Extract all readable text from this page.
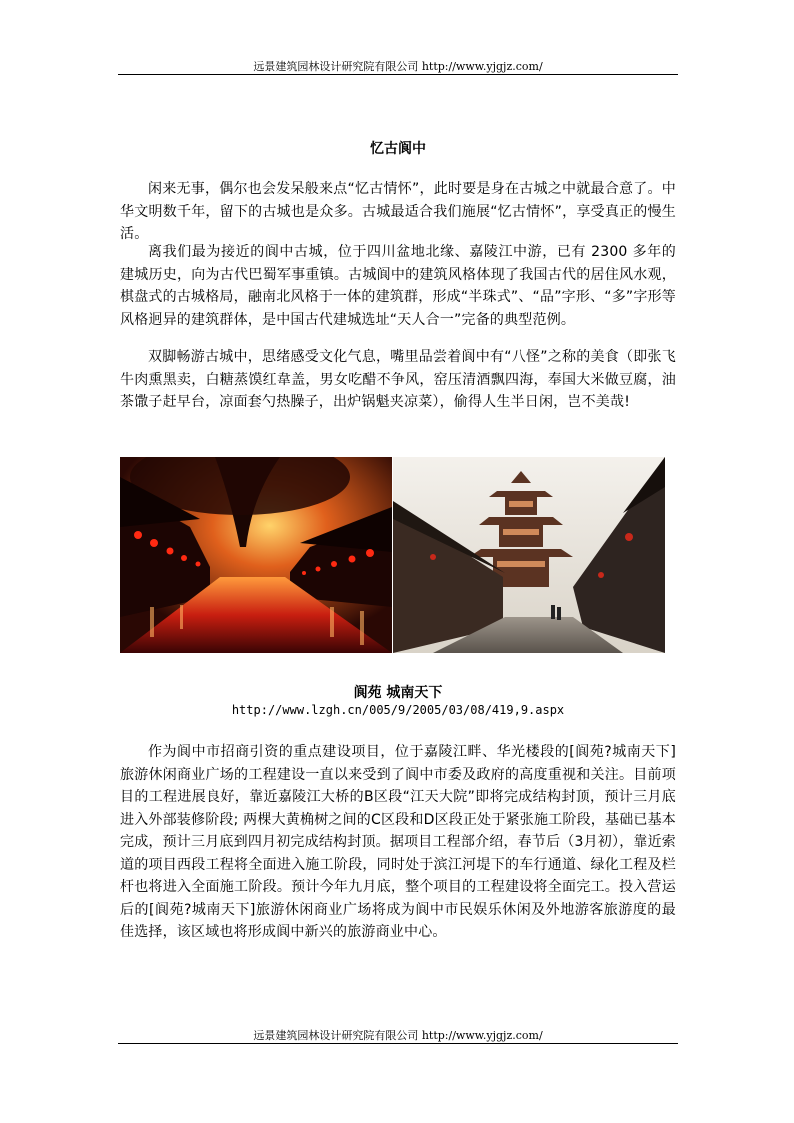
远景建筑园林设计研究院有限公司 http://www.yjgjz.com/
忆古阆中

闲来无事，偶尔也会发呆般来点“忆古情怀”，此时要是身在古城之中就最合意了。中华文明数千年，留下的古城也是众多。古城最适合我们施展“忆古情怀”，享受真正的慢生活。

离我们最为接近的阆中古城，位于四川盆地北缘、嘉陵江中游，已有 2300 多年的建城历史，向为古代巴蜀军事重镇。古城阆中的建筑风格体现了我国古代的居住风水观，棋盘式的古城格局，融南北风格于一体的建筑群，形成“半珠式”、“品”字形、“多”字形等风格迥异的建筑群体，是中国古代建城选址“天人合一”完备的典型范例。

双脚畅游古城中，思绪感受文化气息，嘴里品尝着阆中有“八怪”之称的美食（即张飞牛肉熏黑卖，白糖蒸馍红韋盖，男女吃醋不争风，窑压清酒飘四海，奉国大米做豆腐，油茶馓子赶早台，凉面套勺热臊子，出炉锅魁夹凉菜），偷得人生半日闲，岂不美哉!

阆苑 城南天下
http://www.lzgh.cn/005/9/2005/03/08/419,9.aspx

作为阆中市招商引资的重点建设项目，位于嘉陵江畔、华光楼段的[阆苑?城南天下]旅游休闲商业广场的工程建设一直以来受到了阆中市委及政府的高度重视和关注。目前项目的工程进展良好，靠近嘉陵江大桥的B区段“江天大院”即将完成结构封顶，预计三月底进入外部装修阶段; 两棵大黄桷树之间的C区段和D区段正处于紧张施工阶段，基础已基本完成，预计三月底到四月初完成结构封顶。据项目工程部介绍，春节后（3月初），靠近索道的项目西段工程将全面进入施工阶段，同时处于滨江河堤下的车行通道、绿化工程及栏杆也将进入全面施工阶段。预计今年九月底，整个项目的工程建设将全面完工。投入营运后的[阆苑?城南天下]旅游休闲商业广场将成为阆中市民娱乐休闲及外地游客旅游度的最佳选择，该区域也将形成阆中新兴的旅游商业中心。

远景建筑园林设计研究院有限公司 http://www.yjgjz.com/
